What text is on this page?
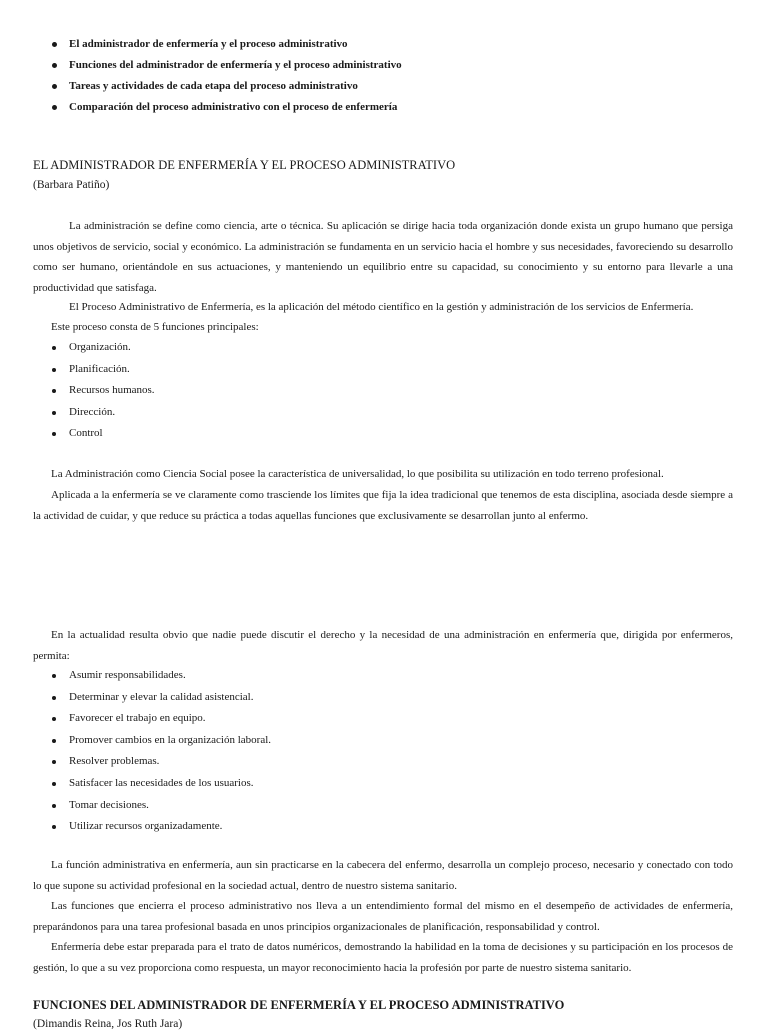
El administrador de enfermería y el proceso administrativo
Funciones del administrador de enfermería y el proceso administrativo
Tareas y actividades de cada etapa del proceso administrativo
Comparación del proceso administrativo con el proceso de enfermería
EL ADMINISTRADOR DE ENFERMERÍA Y EL PROCESO ADMINISTRATIVO

(Barbara Patiño)

La administración se define como ciencia, arte o técnica. Su aplicación se dirige hacia toda organización donde exista un grupo humano que persiga unos objetivos de servicio, social y económico. La administración se fundamenta en un servicio hacia el hombre y sus necesidades, favoreciendo su desarrollo como ser humano, orientándole en sus actuaciones, y manteniendo un equilibrio entre su capacidad, su conocimiento y su entorno para llevarle a una productividad que satisfaga.

El Proceso Administrativo de Enfermería, es la aplicación del método científico en la gestión y administración de los servicios de Enfermería.

Este proceso consta de 5 funciones principales:

Organización.
Planificación.
Recursos humanos.
Dirección.
Control

La Administración como Ciencia Social posee la característica de universalidad, lo que posibilita su utilización en todo terreno profesional.

Aplicada a la enfermería se ve claramente como trasciende los límites que fija la idea tradicional que tenemos de esta disciplina, asociada desde siempre a la actividad de cuidar, y que reduce su práctica a todas aquellas funciones que exclusivamente se desarrollan junto al enfermo.

En la actualidad resulta obvio que nadie puede discutir el derecho y la necesidad de una administración en enfermería que, dirigida por enfermeros, permita:

Asumir responsabilidades.
Determinar y elevar la calidad asistencial.
Favorecer el trabajo en equipo.
Promover cambios en la organización laboral.
Resolver problemas.
Satisfacer las necesidades de los usuarios.
Tomar decisiones.
Utilizar recursos organizadamente.

La función administrativa en enfermería, aun sin practicarse en la cabecera del enfermo, desarrolla un complejo proceso, necesario y conectado con todo lo que supone su actividad profesional en la sociedad actual, dentro de nuestro sistema sanitario.

Las funciones que encierra el proceso administrativo nos lleva a un entendimiento formal del mismo en el desempeño de actividades de enfermería, preparándonos para una tarea profesional basada en unos principios organizacionales de planificación, responsabilidad y control.

Enfermería debe estar preparada para el trato de datos numéricos, demostrando la habilidad en la toma de decisiones y su participación en los procesos de gestión, lo que a su vez proporciona como respuesta, un mayor reconocimiento hacia la profesión por parte de nuestro sistema sanitario.

FUNCIONES DEL ADMINISTRADOR DE ENFERMERÍA Y EL PROCESO ADMINISTRATIVO

(Dimandis Reina, Jos Ruth Jara)
